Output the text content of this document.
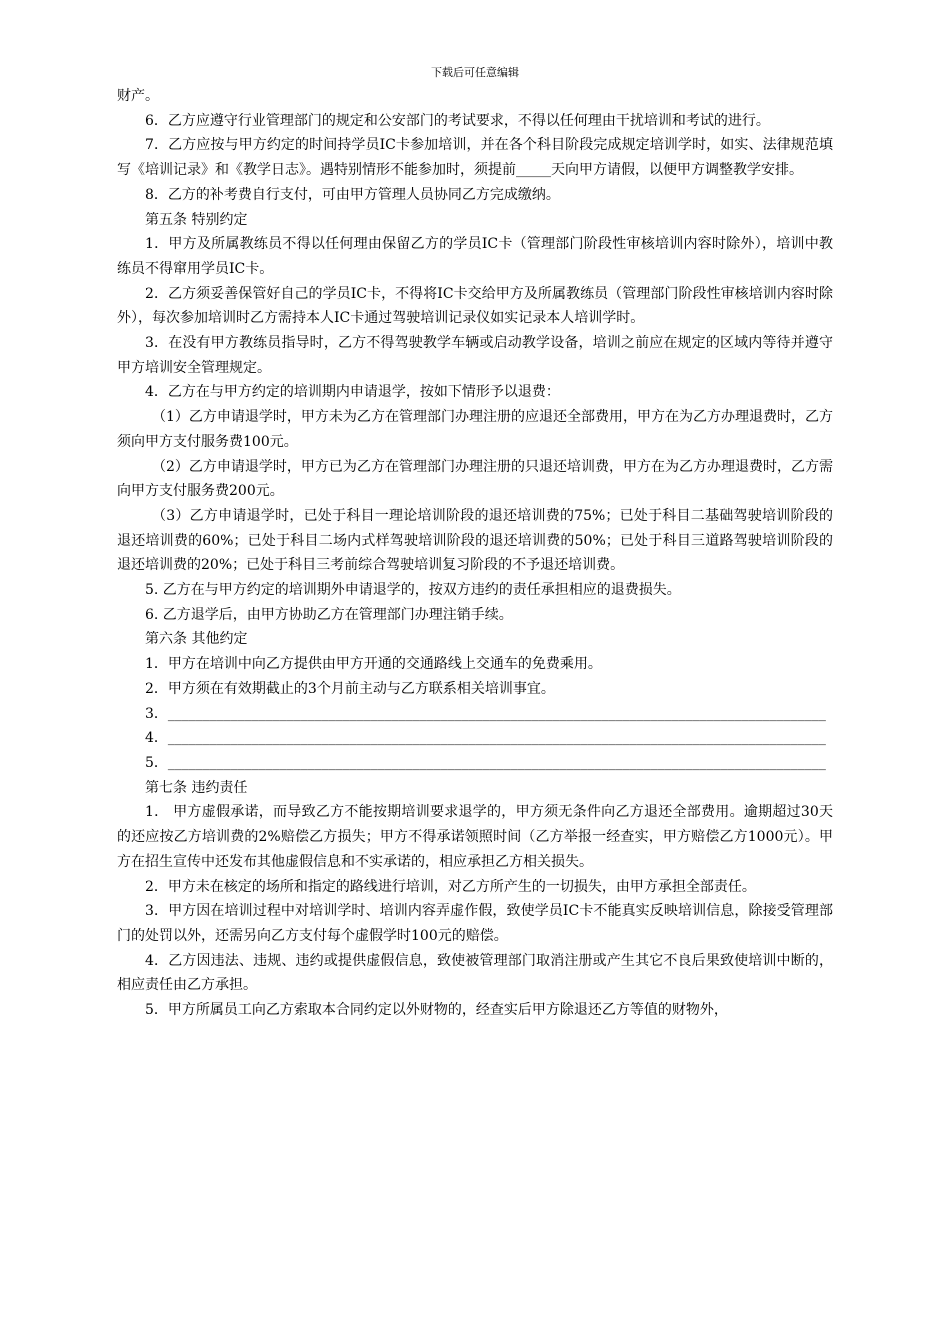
下载后可任意编辑

财产。

6．乙方应遵守行业管理部门的规定和公安部门的考试要求，不得以任何理由干扰培训和考试的进行。

7．乙方应按与甲方约定的时间持学员IC卡参加培训，并在各个科目阶段完成规定培训学时，如实、法律规范填写《培训记录》和《教学日志》。遇特别情形不能参加时，须提前_____天向甲方请假，以便甲方调整教学安排。

8．乙方的补考费自行支付，可由甲方管理人员协同乙方完成缴纳。

第五条 特别约定

1．甲方及所属教练员不得以任何理由保留乙方的学员IC卡（管理部门阶段性审核培训内容时除外），培训中教练员不得窜用学员IC卡。

2．乙方须妥善保管好自己的学员IC卡，不得将IC卡交给甲方及所属教练员（管理部门阶段性审核培训内容时除外），每次参加培训时乙方需持本人IC卡通过驾驶培训记录仪如实记录本人培训学时。

3．在没有甲方教练员指导时，乙方不得驾驶教学车辆或启动教学设备，培训之前应在规定的区域内等待并遵守甲方培训安全管理规定。

4．乙方在与甲方约定的培训期内申请退学，按如下情形予以退费：

（1）乙方申请退学时，甲方未为乙方在管理部门办理注册的应退还全部费用，甲方在为乙方办理退费时，乙方须向甲方支付服务费100元。

（2）乙方申请退学时，甲方已为乙方在管理部门办理注册的只退还培训费，甲方在为乙方办理退费时，乙方需向甲方支付服务费200元。

（3）乙方申请退学时，已处于科目一理论培训阶段的退还培训费的75%；已处于科目二基础驾驶培训阶段的退还培训费的60%；已处于科目二场内式样驾驶培训阶段的退还培训费的50%；已处于科目三道路驾驶培训阶段的退还培训费的20%；已处于科目三考前综合驾驶培训复习阶段的不予退还培训费。

5. 乙方在与甲方约定的培训期外申请退学的，按双方违约的责任承担相应的退费损失。

6. 乙方退学后，由甲方协助乙方在管理部门办理注销手续。

第六条 其他约定

1．甲方在培训中向乙方提供由甲方开通的交通路线上交通车的免费乘用。

2．甲方须在有效期截止的3个月前主动与乙方联系相关培训事宜。

3．______________________________________________________________________________________________

4．______________________________________________________________________________________________

5．______________________________________________________________________________________________

第七条 违约责任

1． 甲方虚假承诺，而导致乙方不能按期培训要求退学的，甲方须无条件向乙方退还全部费用。逾期超过30天的还应按乙方培训费的2%赔偿乙方损失；甲方不得承诺领照时间（乙方举报一经查实，甲方赔偿乙方1000元）。甲方在招生宣传中还发布其他虚假信息和不实承诺的，相应承担乙方相关损失。

2．甲方未在核定的场所和指定的路线进行培训，对乙方所产生的一切损失，由甲方承担全部责任。

3．甲方因在培训过程中对培训学时、培训内容弄虚作假，致使学员IC卡不能真实反映培训信息，除接受管理部门的处罚以外，还需另向乙方支付每个虚假学时100元的赔偿。

4．乙方因违法、违规、违约或提供虚假信息，致使被管理部门取消注册或产生其它不良后果致使培训中断的，相应责任由乙方承担。

5．甲方所属员工向乙方索取本合同约定以外财物的，经查实后甲方除退还乙方等值的财物外，
